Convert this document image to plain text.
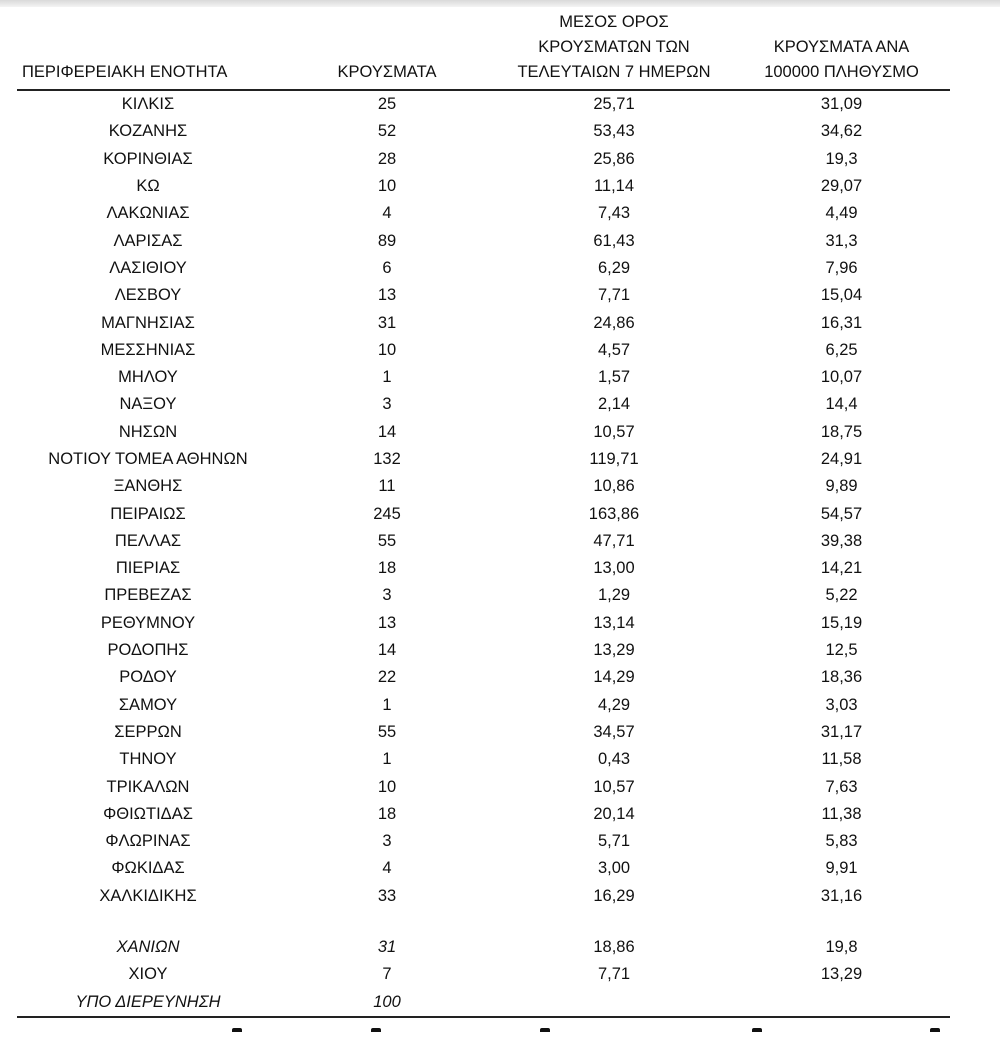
ΠΕΡΙΦΕΡΕΙΑΚΗ ΕΝΟΤΗΤΑ	ΚΡΟΥΣΜΑΤΑ	ΜΕΣΟΣ ΟΡΟΣ
ΚΡΟΥΣΜΑΤΩΝ ΤΩΝ
ΤΕΛΕΥΤΑΙΩΝ 7 ΗΜΕΡΩΝ	ΚΡΟΥΣΜΑΤΑ ΑΝΑ
100000 ΠΛΗΘΥΣΜΟ

ΚΙΛΚΙΣ	25	25,71	31,09
ΚΟΖΑΝΗΣ	52	53,43	34,62
ΚΟΡΙΝΘΙΑΣ	28	25,86	19,3
ΚΩ	10	11,14	29,07
ΛΑΚΩΝΙΑΣ	4	7,43	4,49
ΛΑΡΙΣΑΣ	89	61,43	31,3
ΛΑΣΙΘΙΟΥ	6	6,29	7,96
ΛΕΣΒΟΥ	13	7,71	15,04
ΜΑΓΝΗΣΙΑΣ	31	24,86	16,31
ΜΕΣΣΗΝΙΑΣ	10	4,57	6,25
ΜΗΛΟΥ	1	1,57	10,07
ΝΑΞΟΥ	3	2,14	14,4
ΝΗΣΩΝ	14	10,57	18,75
ΝΟΤΙΟΥ ΤΟΜΕΑ ΑΘΗΝΩΝ	132	119,71	24,91
ΞΑΝΘΗΣ	11	10,86	9,89
ΠΕΙΡΑΙΩΣ	245	163,86	54,57
ΠΕΛΛΑΣ	55	47,71	39,38
ΠΙΕΡΙΑΣ	18	13,00	14,21
ΠΡΕΒΕΖΑΣ	3	1,29	5,22
ΡΕΘΥΜΝΟΥ	13	13,14	15,19
ΡΟΔΟΠΗΣ	14	13,29	12,5
ΡΟΔΟΥ	22	14,29	18,36
ΣΑΜΟΥ	1	4,29	3,03
ΣΕΡΡΩΝ	55	34,57	31,17
ΤΗΝΟΥ	1	0,43	11,58
ΤΡΙΚΑΛΩΝ	10	10,57	7,63
ΦΘΙΩΤΙΔΑΣ	18	20,14	11,38
ΦΛΩΡΙΝΑΣ	3	5,71	5,83
ΦΩΚΙΔΑΣ	4	3,00	9,91
ΧΑΛΚΙΔΙΚΗΣ	33	16,29	31,16

ΧΑΝΙΩΝ	31	18,86	19,8
ΧΙΟΥ	7	7,71	13,29
ΥΠΟ ΔΙΕΡΕΥΝΗΣΗ	100		
